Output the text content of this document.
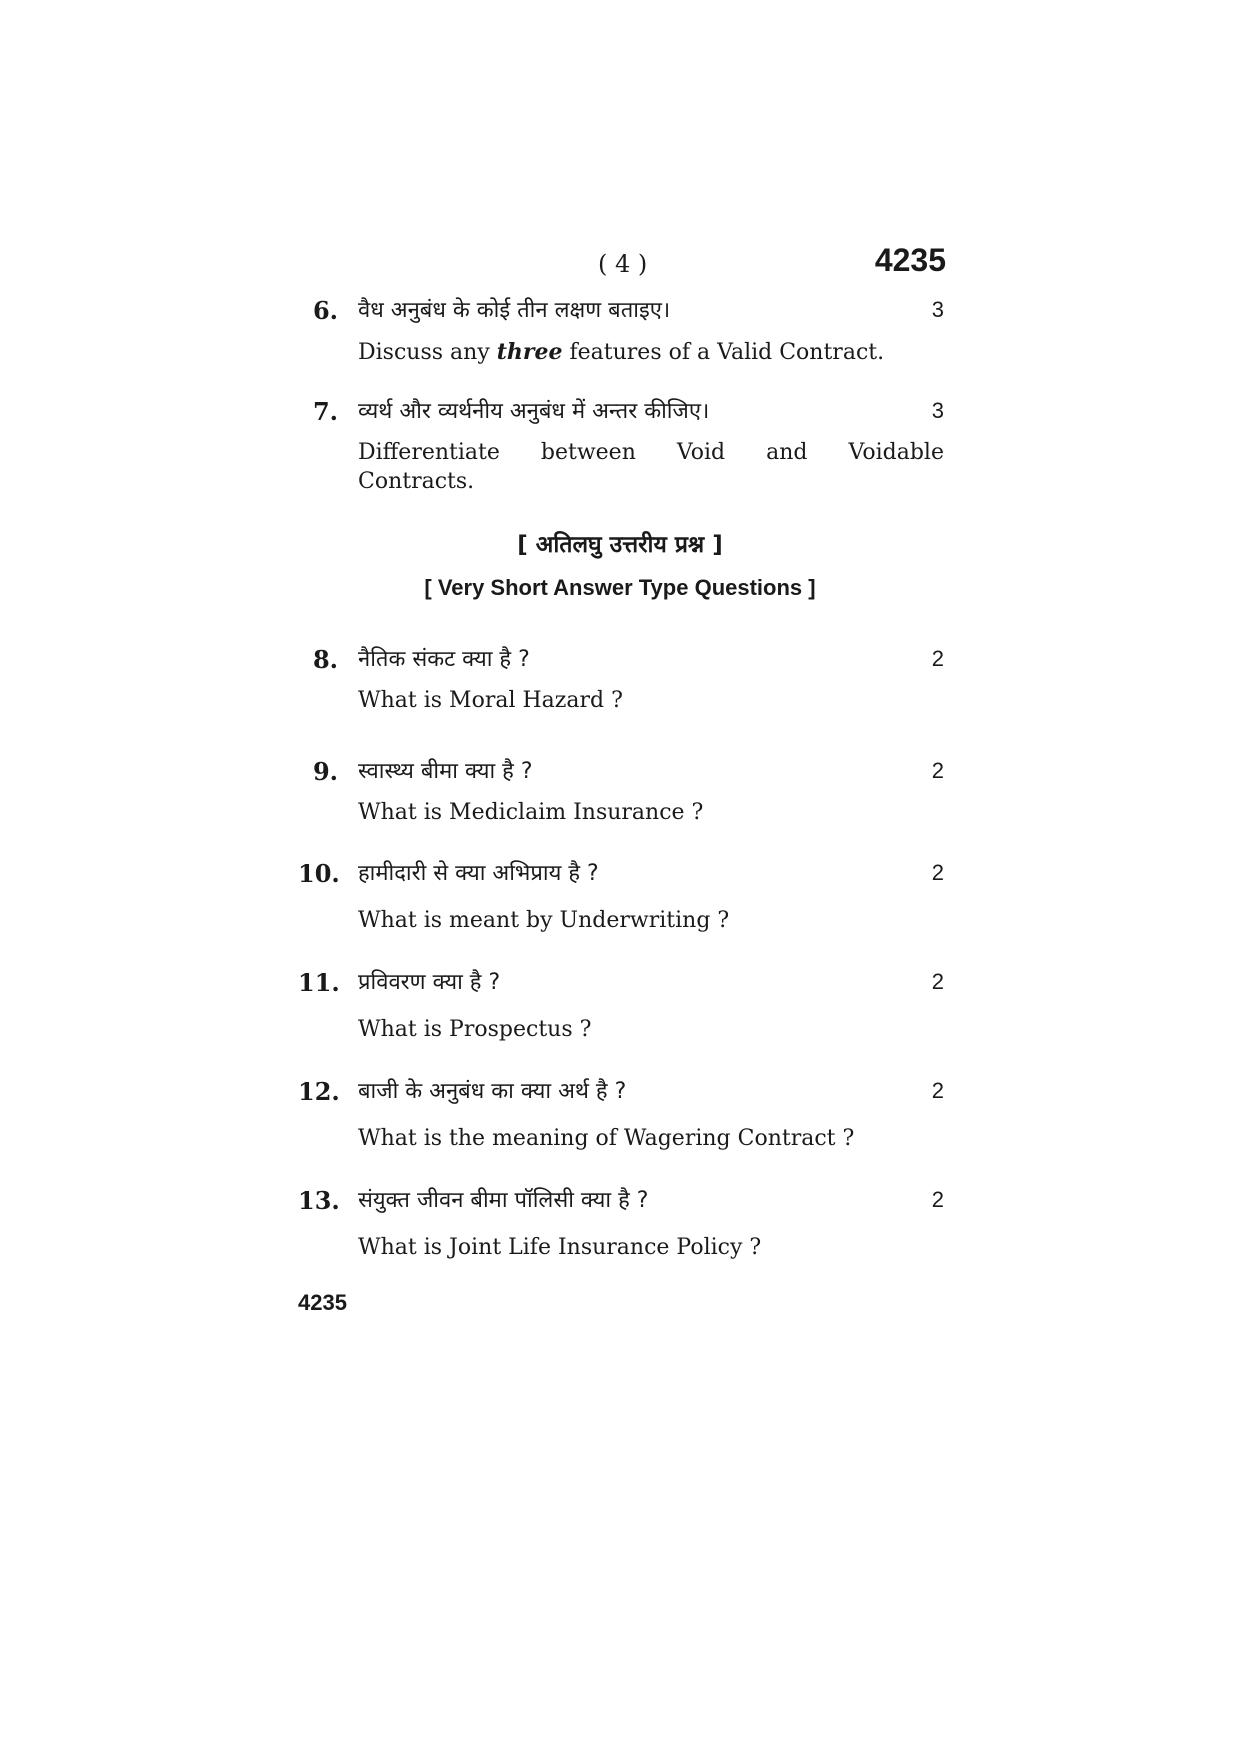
( 4 )	4235
6. वैध अनुबंध के कोई तीन लक्षण बताइए।	3
Discuss any three features of a Valid Contract.
7. व्यर्थ और व्यर्थनीय अनुबंध में अन्तर कीजिए।	3
Differentiate between Void and Voidable
Contracts.
[ अतिलघु उत्तरीय प्रश्न ]
[ Very Short Answer Type Questions ]
8. नैतिक संकट क्या है ?	2
What is Moral Hazard ?
9. स्वास्थ्य बीमा क्या है ?	2
What is Mediclaim Insurance ?
10. हामीदारी से क्या अभिप्राय है ?	2
What is meant by Underwriting ?
11. प्रविवरण क्या है ?	2
What is Prospectus ?
12. बाजी के अनुबंध का क्या अर्थ है ?	2
What is the meaning of Wagering Contract ?
13. संयुक्त जीवन बीमा पॉलिसी क्या है ?	2
What is Joint Life Insurance Policy ?
4235
